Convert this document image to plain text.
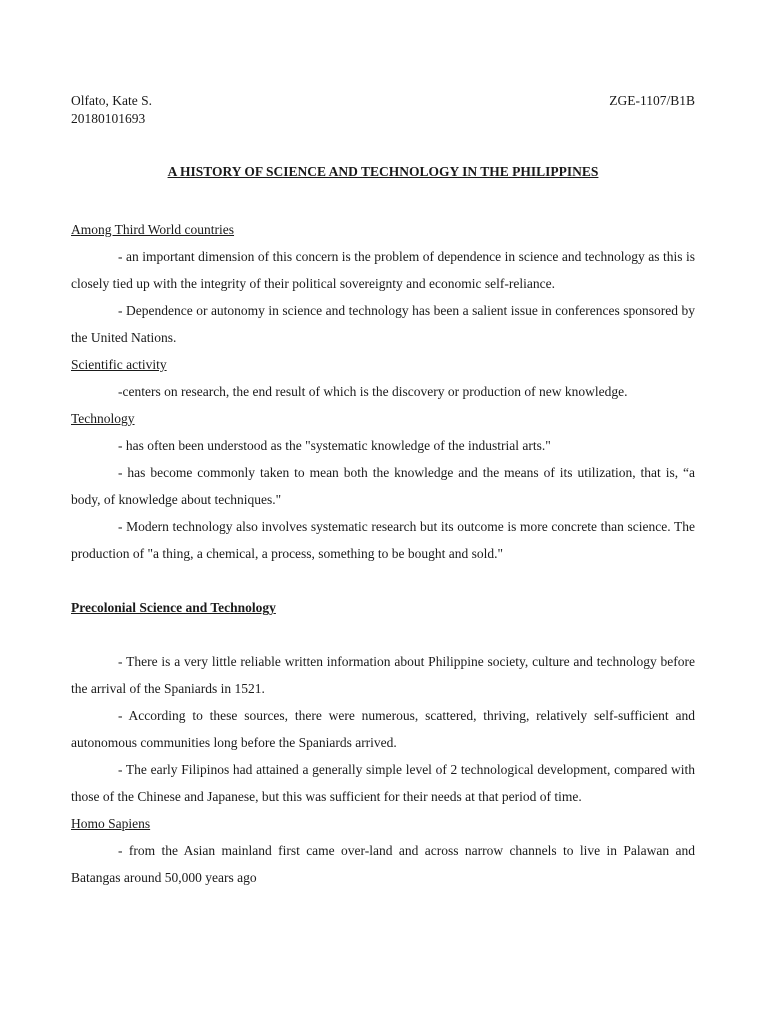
Olfato, Kate S.	ZGE-1107/B1B
20180101693
A HISTORY OF SCIENCE AND TECHNOLOGY IN THE PHILIPPINES
Among Third World countries
- an important dimension of this concern is the problem of dependence in science and technology as this is closely tied up with the integrity of their political sovereignty and economic self-reliance.
- Dependence or autonomy in science and technology has been a salient issue in conferences sponsored by the United Nations.
Scientific activity
-centers on research, the end result of which is the discovery or production of new knowledge.
Technology
- has often been understood as the "systematic knowledge of the industrial arts."
- has become commonly taken to mean both the knowledge and the means of its utilization, that is, “a body, of knowledge about techniques."
- Modern technology also involves systematic research but its outcome is more concrete than science. The production of "a thing, a chemical, a process, something to be bought and sold."
Precolonial Science and Technology
- There is a very little reliable written information about Philippine society, culture and technology before the arrival of the Spaniards in 1521.
- According to these sources, there were numerous, scattered, thriving, relatively self-sufficient and autonomous communities long before the Spaniards arrived.
- The early Filipinos had attained a generally simple level of 2 technological development, compared with those of the Chinese and Japanese, but this was sufficient for their needs at that period of time.
Homo Sapiens
- from the Asian mainland first came over-land and across narrow channels to live in Palawan and Batangas around 50,000 years ago
